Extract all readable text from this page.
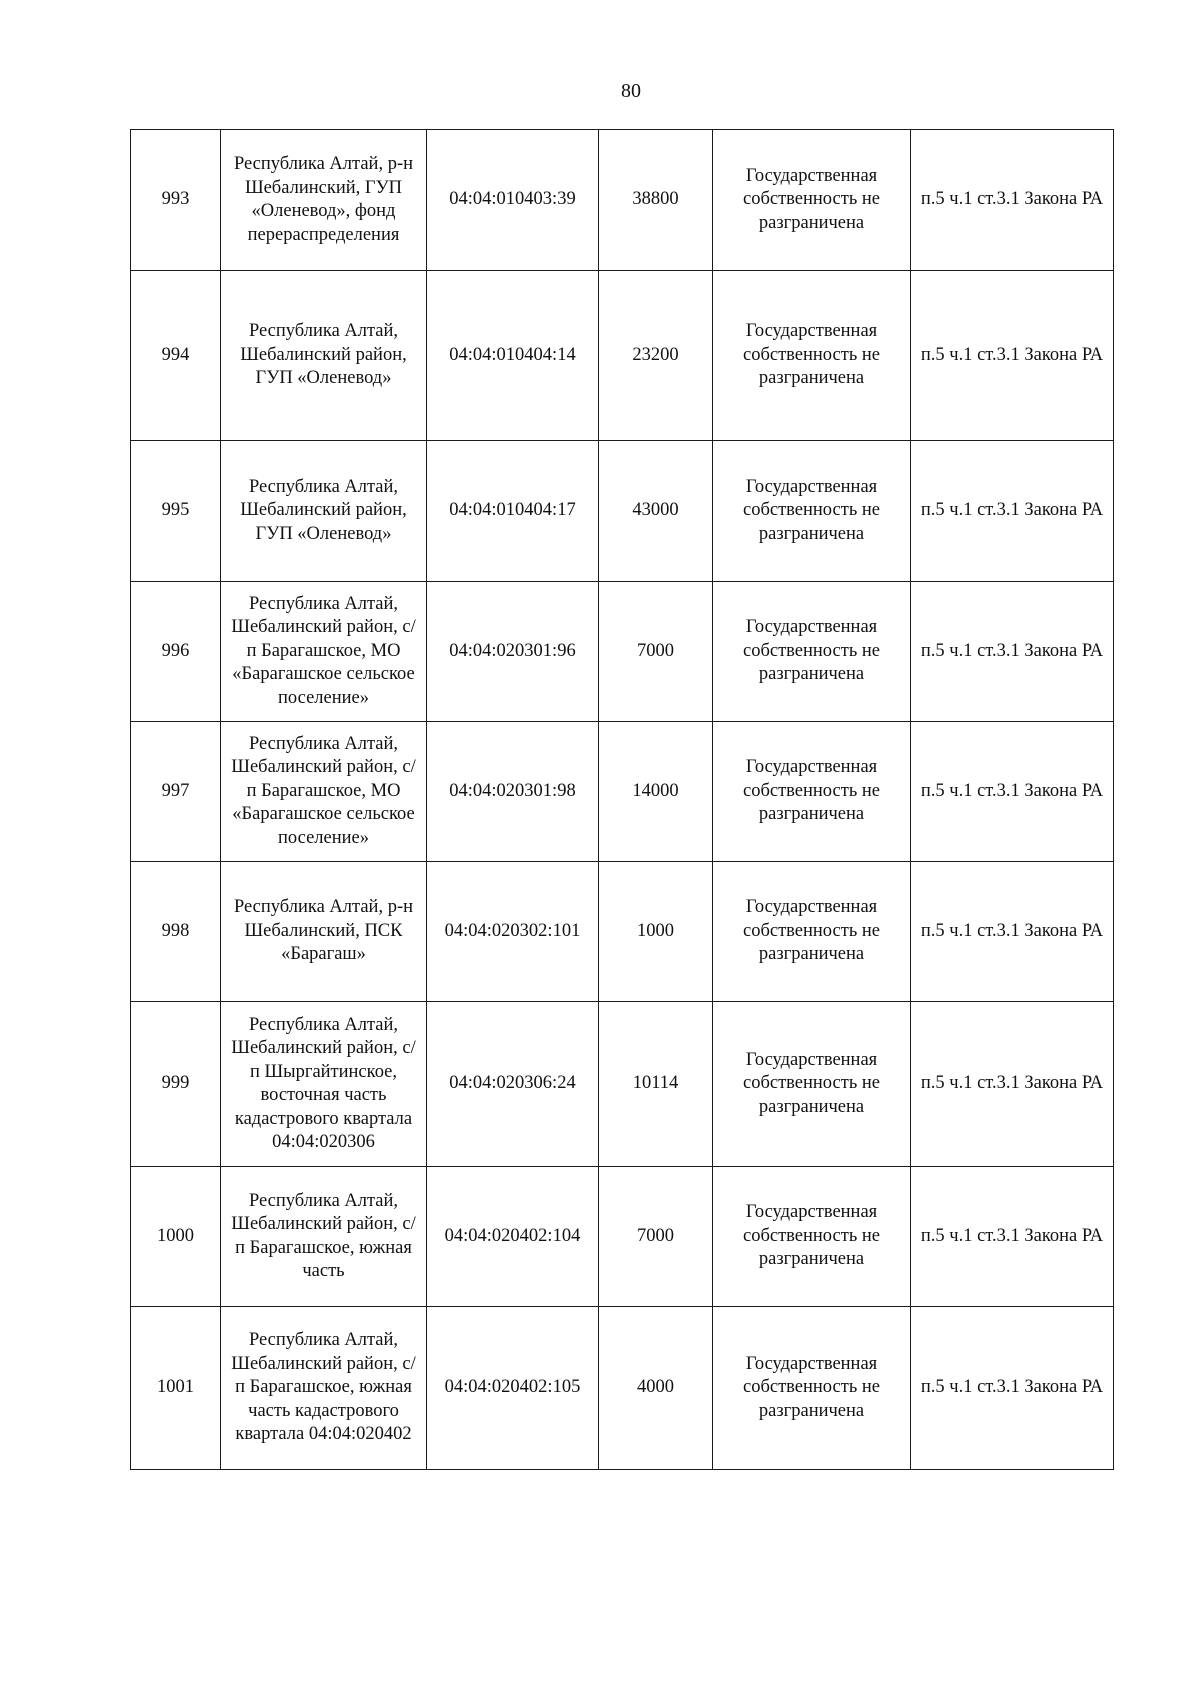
80
993	Республика Алтай, р-н Шебалинский, ГУП «Оленевод», фонд перераспределения	04:04:010403:39	38800	Государственная собственность не разграничена	п.5 ч.1 ст.3.1 Закона РА
994	Республика Алтай, Шебалинский район, ГУП «Оленевод»	04:04:010404:14	23200	Государственная собственность не разграничена	п.5 ч.1 ст.3.1 Закона РА
995	Республика Алтай, Шебалинский район, ГУП «Оленевод»	04:04:010404:17	43000	Государственная собственность не разграничена	п.5 ч.1 ст.3.1 Закона РА
996	Республика Алтай, Шебалинский район, с/п Барагашское, МО «Барагашское сельское поселение»	04:04:020301:96	7000	Государственная собственность не разграничена	п.5 ч.1 ст.3.1 Закона РА
997	Республика Алтай, Шебалинский район, с/п Барагашское, МО «Барагашское сельское поселение»	04:04:020301:98	14000	Государственная собственность не разграничена	п.5 ч.1 ст.3.1 Закона РА
998	Республика Алтай, р-н Шебалинский, ПСК «Барагаш»	04:04:020302:101	1000	Государственная собственность не разграничена	п.5 ч.1 ст.3.1 Закона РА
999	Республика Алтай, Шебалинский район, с/п Шыргайтинское, восточная часть кадастрового квартала 04:04:020306	04:04:020306:24	10114	Государственная собственность не разграничена	п.5 ч.1 ст.3.1 Закона РА
1000	Республика Алтай, Шебалинский район, с/п Барагашское, южная часть	04:04:020402:104	7000	Государственная собственность не разграничена	п.5 ч.1 ст.3.1 Закона РА
1001	Республика Алтай, Шебалинский район, с/п Барагашское, южная часть кадастрового квартала 04:04:020402	04:04:020402:105	4000	Государственная собственность не разграничена	п.5 ч.1 ст.3.1 Закона РА
